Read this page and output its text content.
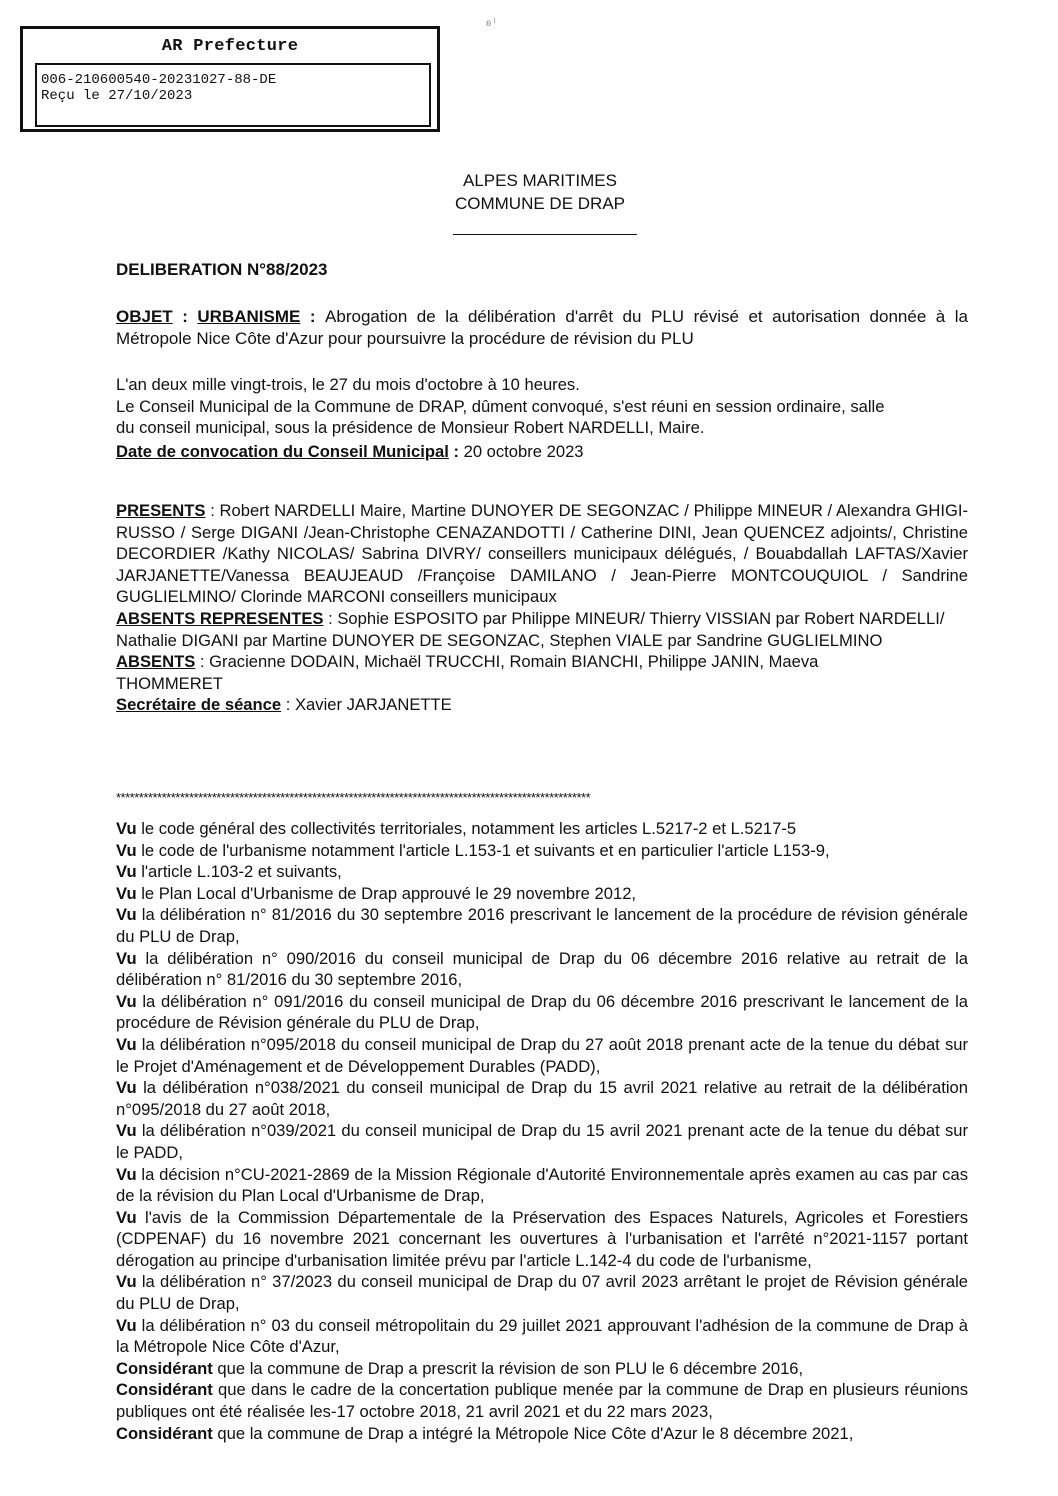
AR Prefecture
006-210600540-20231027-88-DE
Reçu le 27/10/2023
ʚ ˡ
ALPES MARITIMES
COMMUNE DE DRAP
DELIBERATION N°88/2023

OBJET : URBANISME : Abrogation de la délibération d'arrêt du PLU révisé et autorisation donnée à la Métropole Nice Côte d'Azur pour poursuivre la procédure de révision du PLU

L'an deux mille vingt-trois, le 27 du mois d'octobre à 10 heures.

Le Conseil Municipal de la Commune de DRAP, dûment convoqué, s'est réuni en session ordinaire, salle du conseil municipal, sous la présidence de Monsieur Robert NARDELLI, Maire.

Date de convocation du Conseil Municipal : 20 octobre 2023

PRESENTS : Robert NARDELLI Maire, Martine DUNOYER DE SEGONZAC / Philippe MINEUR / Alexandra GHIGI-RUSSO / Serge DIGANI /Jean-Christophe CENAZANDOTTI / Catherine DINI, Jean QUENCEZ adjoints/, Christine DECORDIER /Kathy NICOLAS/ Sabrina DIVRY/ conseillers municipaux délégués, / Bouabdallah LAFTAS/Xavier JARJANETTE/Vanessa BEAUJEAUD /Françoise DAMILANO / Jean-Pierre MONTCOUQUIOL / Sandrine GUGLIELMINO/ Clorinde MARCONI conseillers municipaux

ABSENTS REPRESENTES : Sophie ESPOSITO par Philippe MINEUR/ Thierry VISSIAN par Robert NARDELLI/ Nathalie DIGANI par Martine DUNOYER DE SEGONZAC, Stephen VIALE par Sandrine GUGLIELMINO

ABSENTS : Gracienne DODAIN, Michaël TRUCCHI, Romain BIANCHI, Philippe JANIN, Maeva THOMMERET

Secrétaire de séance : Xavier JARJANETTE

********************************************************************************************************

Vu le code général des collectivités territoriales, notamment les articles L.5217-2 et L.5217-5

Vu le code de l'urbanisme notamment l'article L.153-1 et suivants et en particulier l'article L153-9,

Vu l'article L.103-2 et suivants,

Vu le Plan Local d'Urbanisme de Drap approuvé le 29 novembre 2012,

Vu la délibération n° 81/2016 du 30 septembre 2016 prescrivant le lancement de la procédure de révision générale du PLU de Drap,

Vu la délibération n° 090/2016 du conseil municipal de Drap du 06 décembre 2016 relative au retrait de la délibération n° 81/2016 du 30 septembre 2016,

Vu la délibération n° 091/2016 du conseil municipal de Drap du 06 décembre 2016 prescrivant le lancement de la procédure de Révision générale du PLU de Drap,

Vu la délibération n°095/2018 du conseil municipal de Drap du 27 août 2018 prenant acte de la tenue du débat sur le Projet d'Aménagement et de Développement Durables (PADD),

Vu la délibération n°038/2021 du conseil municipal de Drap du 15 avril 2021 relative au retrait de la délibération n°095/2018 du 27 août 2018,

Vu la délibération n°039/2021 du conseil municipal de Drap du 15 avril 2021 prenant acte de la tenue du débat sur le PADD,

Vu la décision n°CU-2021-2869 de la Mission Régionale d'Autorité Environnementale après examen au cas par cas de la révision du Plan Local d'Urbanisme de Drap,

Vu l'avis de la Commission Départementale de la Préservation des Espaces Naturels, Agricoles et Forestiers (CDPENAF) du 16 novembre 2021 concernant les ouvertures à l'urbanisation et l'arrêté n°2021-1157 portant dérogation au principe d'urbanisation limitée prévu par l'article L.142-4 du code de l'urbanisme,

Vu la délibération n° 37/2023 du conseil municipal de Drap du 07 avril 2023 arrêtant le projet de Révision générale du PLU de Drap,

Vu la délibération n° 03 du conseil métropolitain du 29 juillet 2021 approuvant l'adhésion de la commune de Drap à la Métropole Nice Côte d'Azur,

Considérant que la commune de Drap a prescrit la révision de son PLU le 6 décembre 2016,

Considérant que dans le cadre de la concertation publique menée par la commune de Drap en plusieurs réunions publiques ont été réalisée les-17 octobre 2018, 21 avril 2021 et du 22 mars 2023,

Considérant que la commune de Drap a intégré la Métropole Nice Côte d'Azur le 8 décembre 2021,
